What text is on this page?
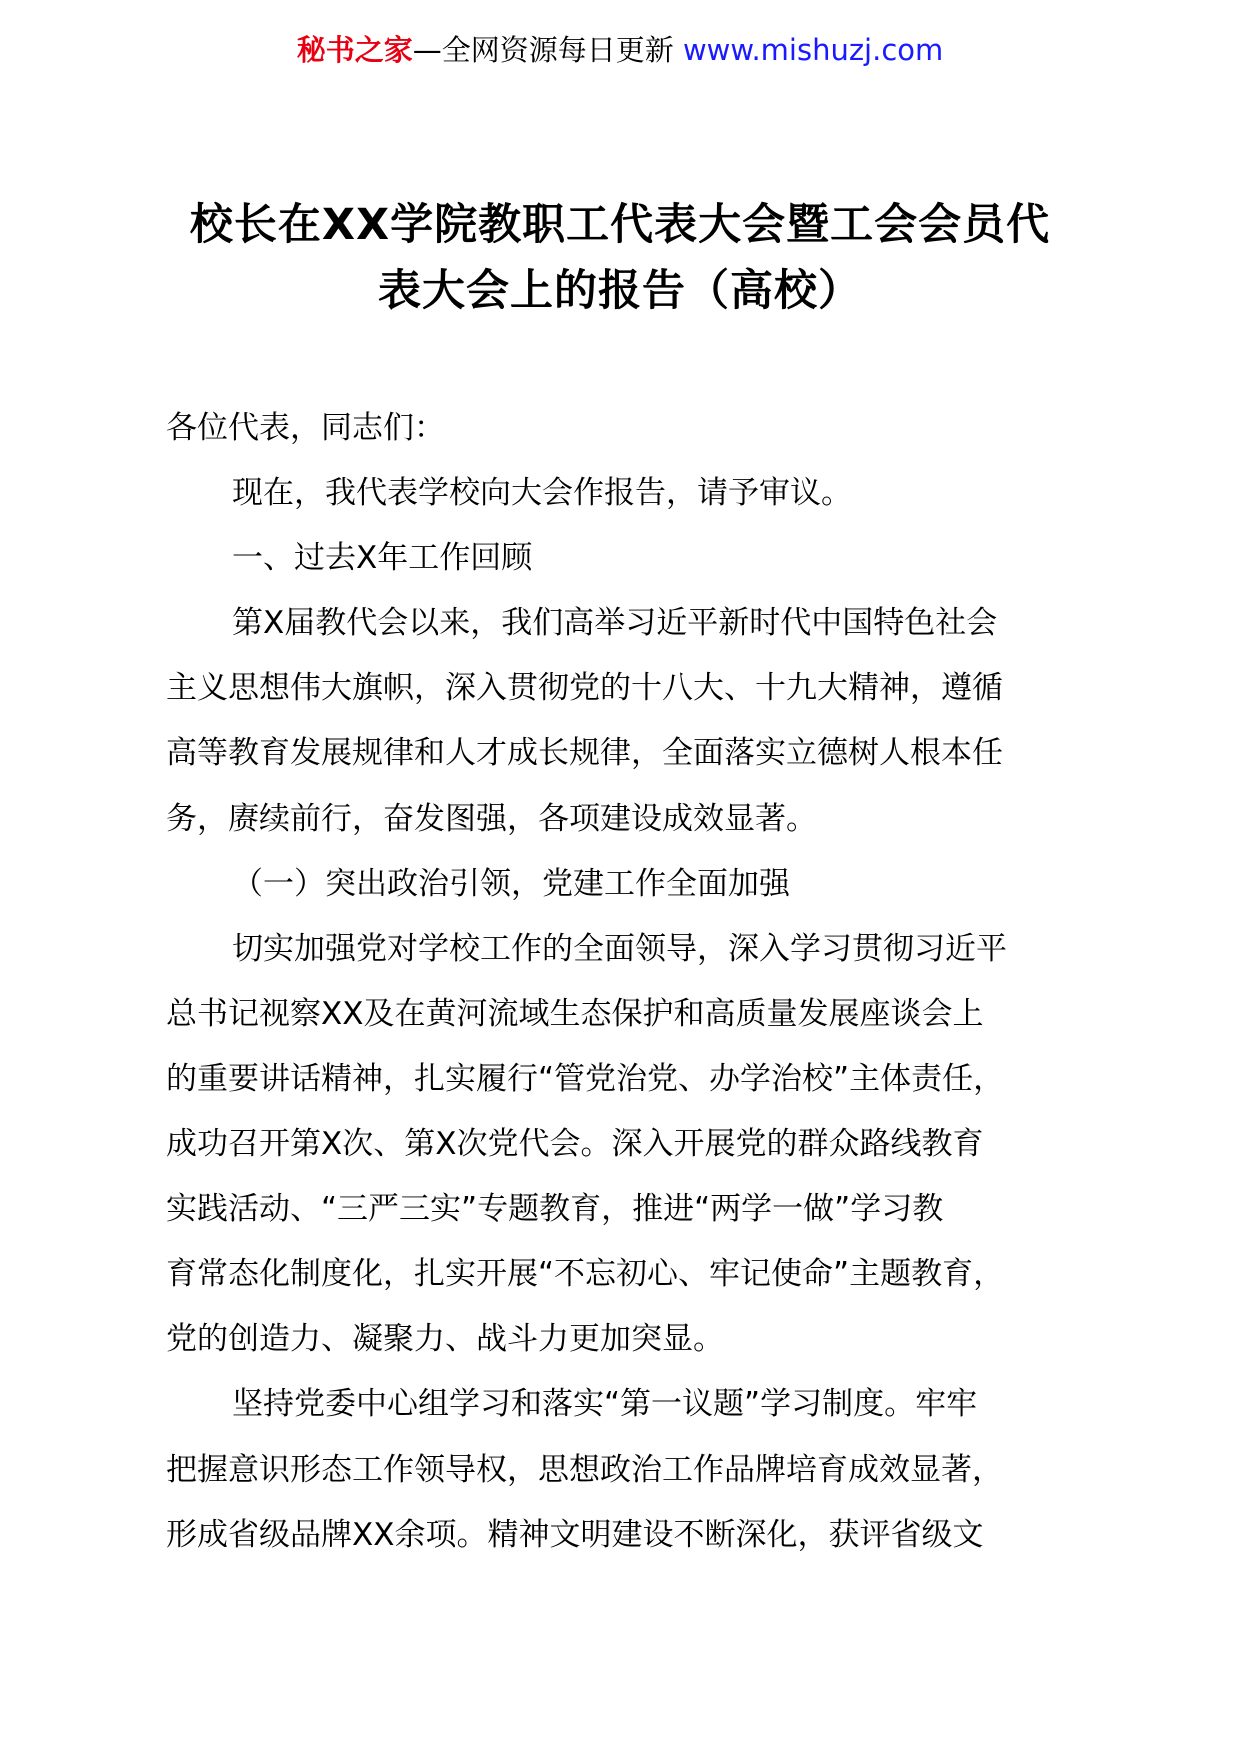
秘书之家—全网资源每日更新 www.mishuzj.com
校长在XX学院教职工代表大会暨工会会员代
表大会上的报告（高校）
各位代表，同志们：
现在，我代表学校向大会作报告，请予审议。
一、过去X年工作回顾
第X届教代会以来，我们高举习近平新时代中国特色社会
主义思想伟大旗帜，深入贯彻党的十八大、十九大精神，遵循
高等教育发展规律和人才成长规律，全面落实立德树人根本任
务，赓续前行，奋发图强，各项建设成效显著。
（一）突出政治引领，党建工作全面加强
切实加强党对学校工作的全面领导，深入学习贯彻习近平
总书记视察XX及在黄河流域生态保护和高质量发展座谈会上
的重要讲话精神，扎实履行“管党治党、办学治校”主体责任，
成功召开第X次、第X次党代会。深入开展党的群众路线教育
实践活动、“三严三实”专题教育，推进“两学一做”学习教
育常态化制度化，扎实开展“不忘初心、牢记使命”主题教育，
党的创造力、凝聚力、战斗力更加突显。
坚持党委中心组学习和落实“第一议题”学习制度。牢牢
把握意识形态工作领导权，思想政治工作品牌培育成效显著，
形成省级品牌XX余项。精神文明建设不断深化，获评省级文
